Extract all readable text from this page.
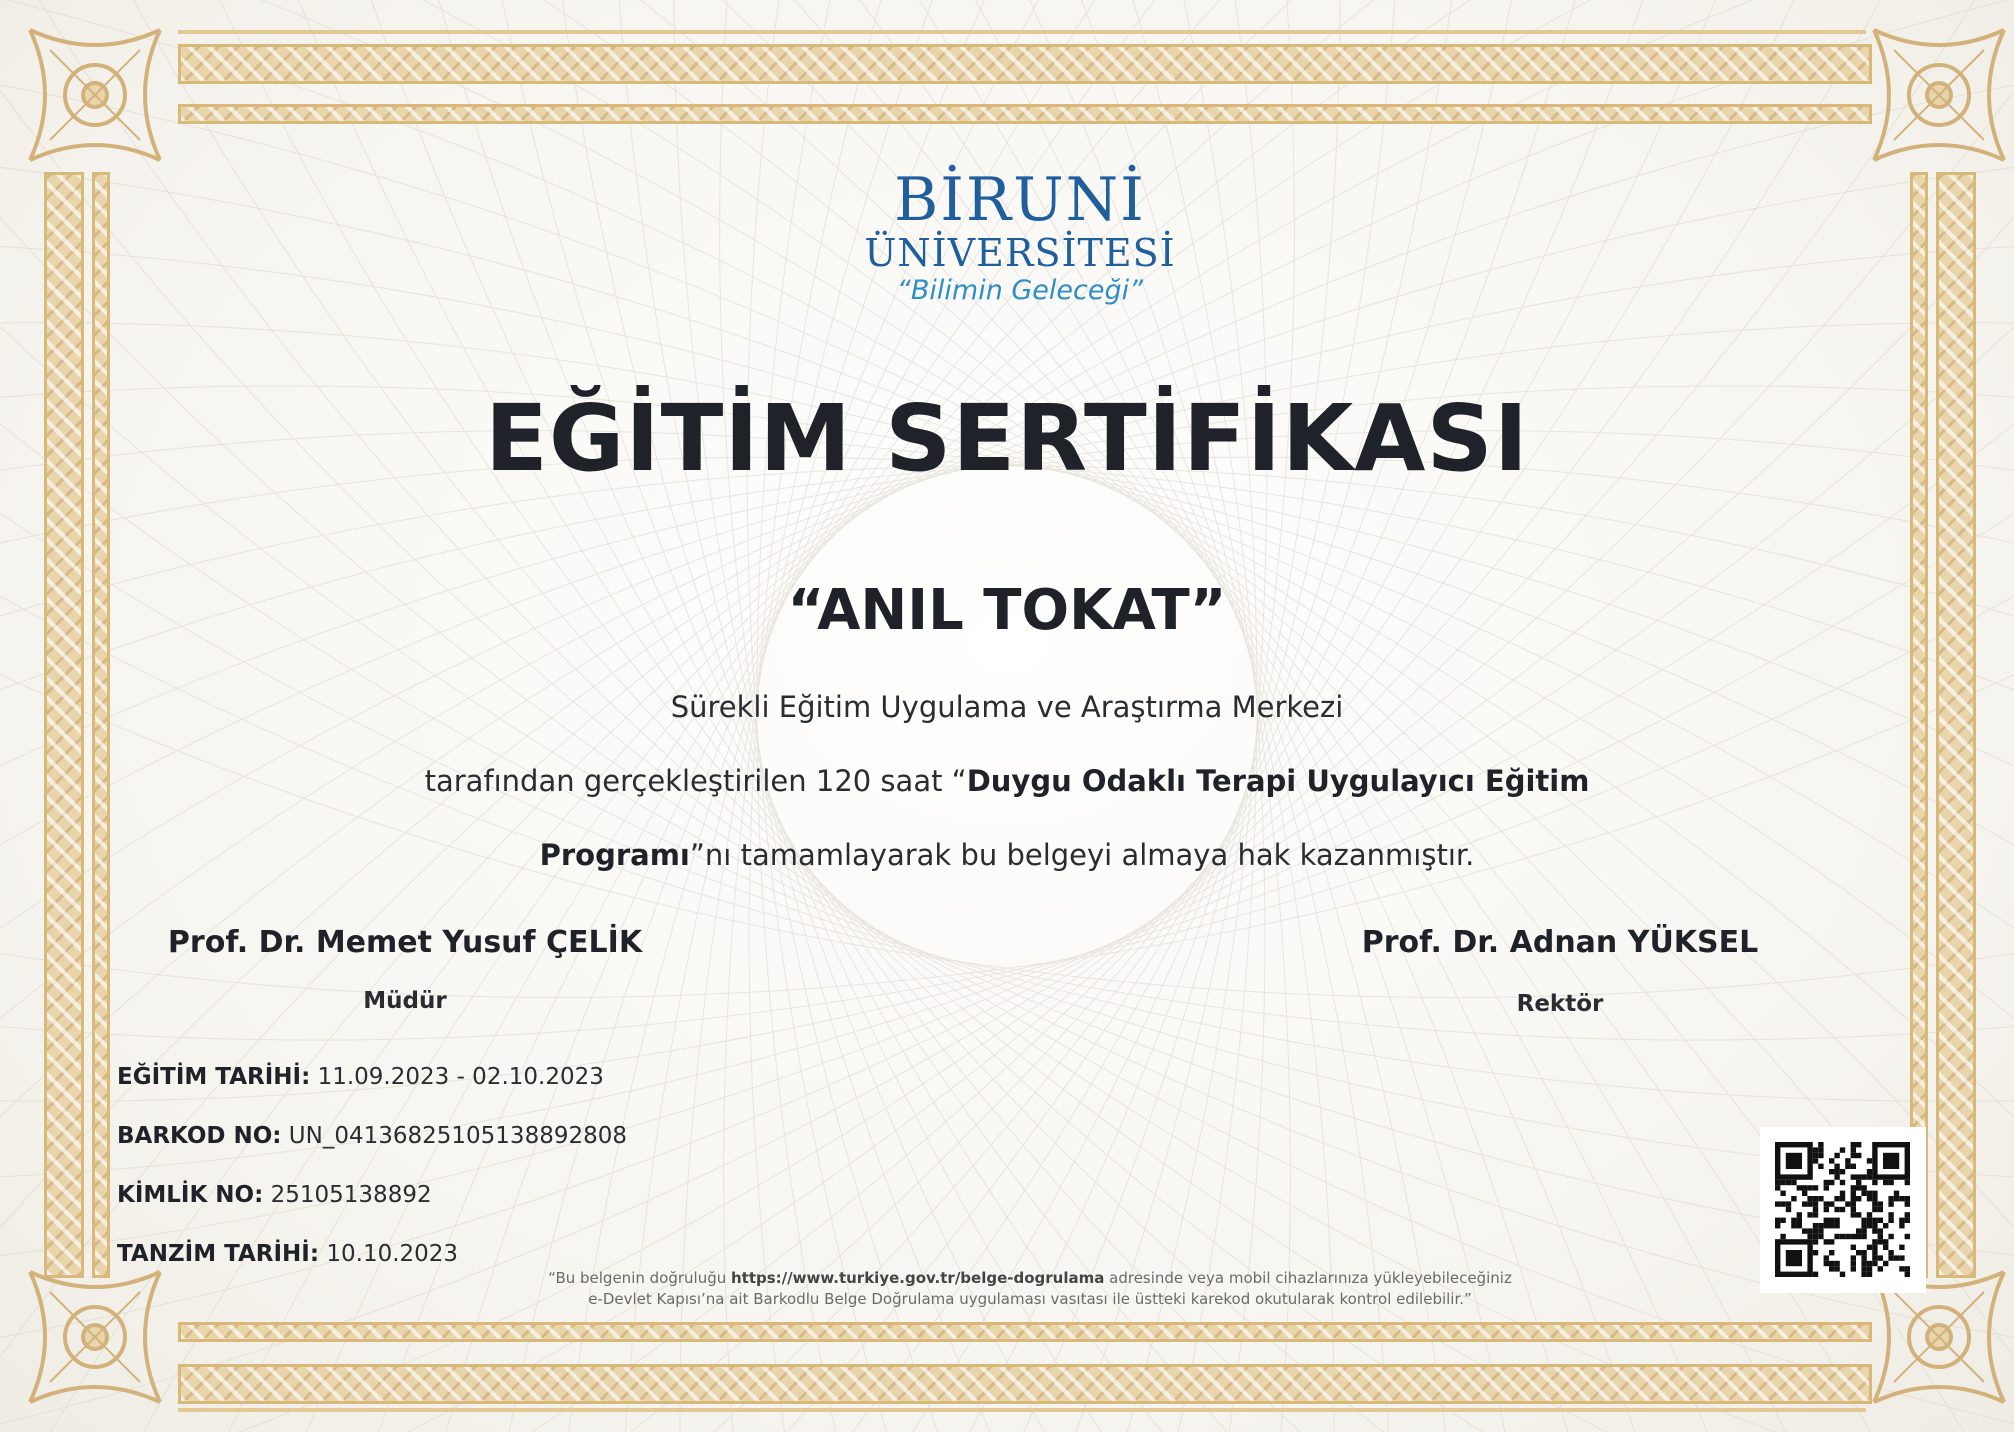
BİRUNİ
ÜNİVERSİTESİ
“Bilimin Geleceği”
EĞİTİM SERTİFİKASI
“ANIL TOKAT”
Sürekli Eğitim Uygulama ve Araştırma Merkezi
tarafından gerçekleştirilen 120 saat “Duygu Odaklı Terapi Uygulayıcı Eğitim
Programı”nı tamamlayarak bu belgeyi almaya hak kazanmıştır.
Prof. Dr. Memet Yusuf ÇELİK
Müdür
Prof. Dr. Adnan YÜKSEL
Rektör
EĞİTİM TARİHİ: 11.09.2023 - 02.10.2023
BARKOD NO: UN_04136825105138892808
KİMLİK NO: 25105138892
TANZİM TARİHİ: 10.10.2023
“Bu belgenin doğruluğu https://www.turkiye.gov.tr/belge-dogrulama adresinde veya mobil cihazlarınıza yükleyebileceğiniz
e-Devlet Kapısı’na ait Barkodlu Belge Doğrulama uygulaması vasıtası ile üstteki karekod okutularak kontrol edilebilir.”
